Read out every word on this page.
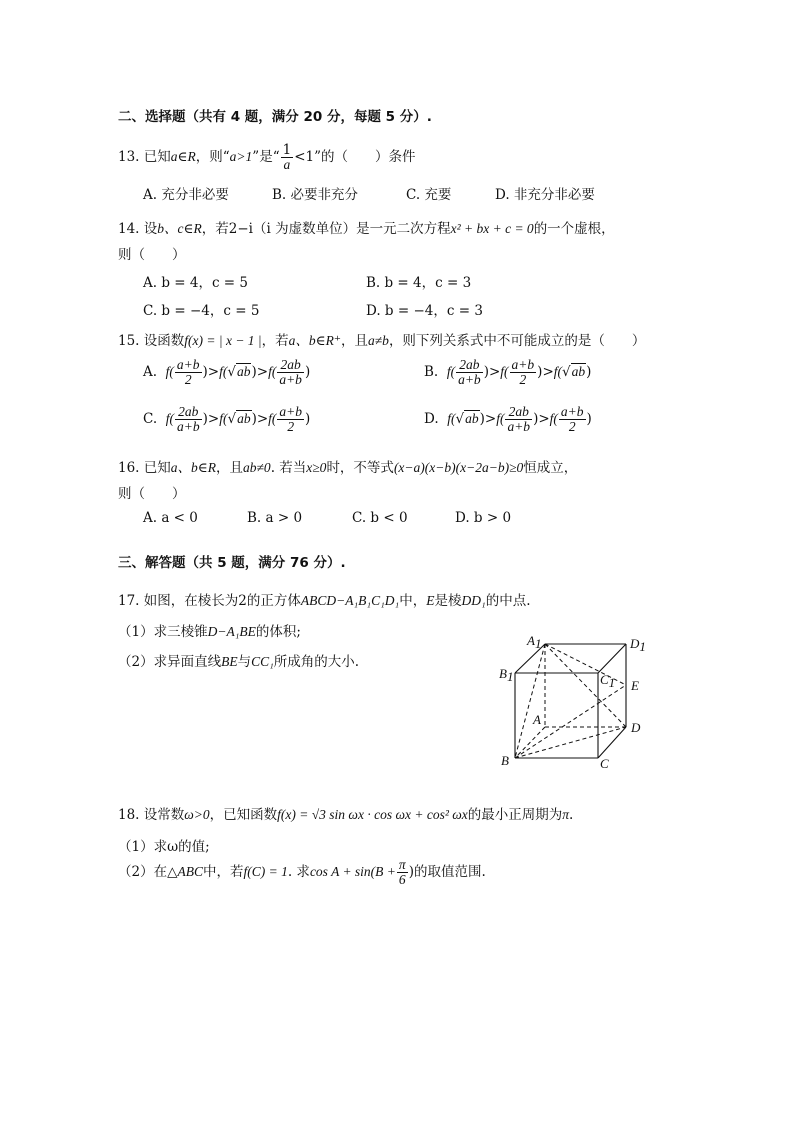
二、选择题（共有 4 题，满分 20 分，每题 5 分）.
13. 已知a∈R，则“a>1”是“ $\frac{1}{a} <1$”的（　　）条件
A. 充分非必要	B. 必要非充分	C. 充要	D. 非充分非必要
14. 设b、c∈R，若2−i（i 为虚数单位）是一元二次方程x² + bx + c = 0的一个虚根，
则（　　）
A. b = 4，c = 5	B. b = 4，c = 3
C. b = −4，c = 5	D. b = −4，c = 3
15. 设函数f(x) = | x − 1 |，若a、b∈R⁺，且a≠b，则下列关系式中不可能成立的是（　　）
A. $f( \frac{a+b}{2} )>f(√ab)>f( \frac{2ab}{a+b}$ )	B. $f( \frac{2ab}{a+b} )>f( \frac{a+b}{2} )>f(√ab)$
C. $f( \frac{2ab}{a+b} )>f(√ab)>f( \frac{a+b}{2}$ )	D. $f(√ab)>f( \frac{2ab}{a+b} )>f( \frac{a+b}{2}$ )
16. 已知a、b∈R，且ab≠0. 若当x≥0时，不等式(x−a)(x−b)(x−2a−b)≥0恒成立，
则（　　）
A. a < 0	B. a > 0	C. b < 0	D. b > 0
三、解答题（共 5 题，满分 76 分）.
17. 如图，在棱长为2的正方体ABCD−A₁B₁C₁D₁中，E是棱DD₁的中点.
（1）求三棱锥D−A₁BE的体积;
（2）求异面直线BE与CC₁所成角的大小.
A1	D1
B1	C1 E
A
D
B	C
18. 设常数ω>0，已知函数f(x) = √3 sin ωx · cos ωx + cos² ωx的最小正周期为π.
（1）求ω的值;
（2）在△ABC中，若f(C) = 1. 求$\cos A + \sin(B + \frac{\pi}{6}$ )的取值范围.
